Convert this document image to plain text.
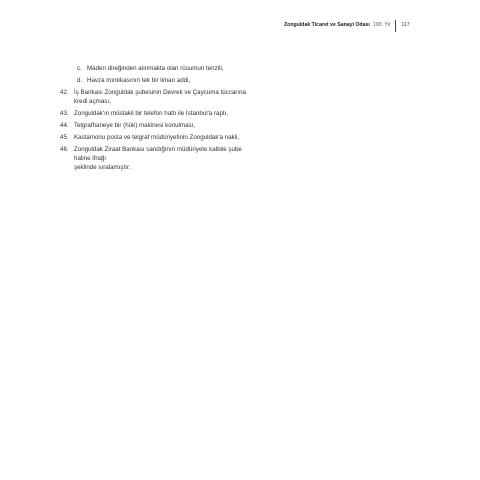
Zonguldak Ticaret ve Sanayi Odası 100. Yıl 117
c. Maden direğinden alınmakta olan rüsumun tenzili,
d. Havza mıntıkasının tek bir liman addi,
42. İş Bankası Zonguldak şubesinin Devrek ve Çaycuma tüccarına kredi açması,
43. Zonguldak'ın müstakil bir telefon hattı ile İstanbul'a raptı,
44. Telgrafhaneye bir (hük) makinesi konulması,
45. Kastamonu posta ve telgraf müdüriyetinin Zonguldak'a nakli,
46. Zonguldak Ziraat Bankası sandığının müdüriyete kalbile şube haline ifrağı
şeklinde sıralamıştır.
